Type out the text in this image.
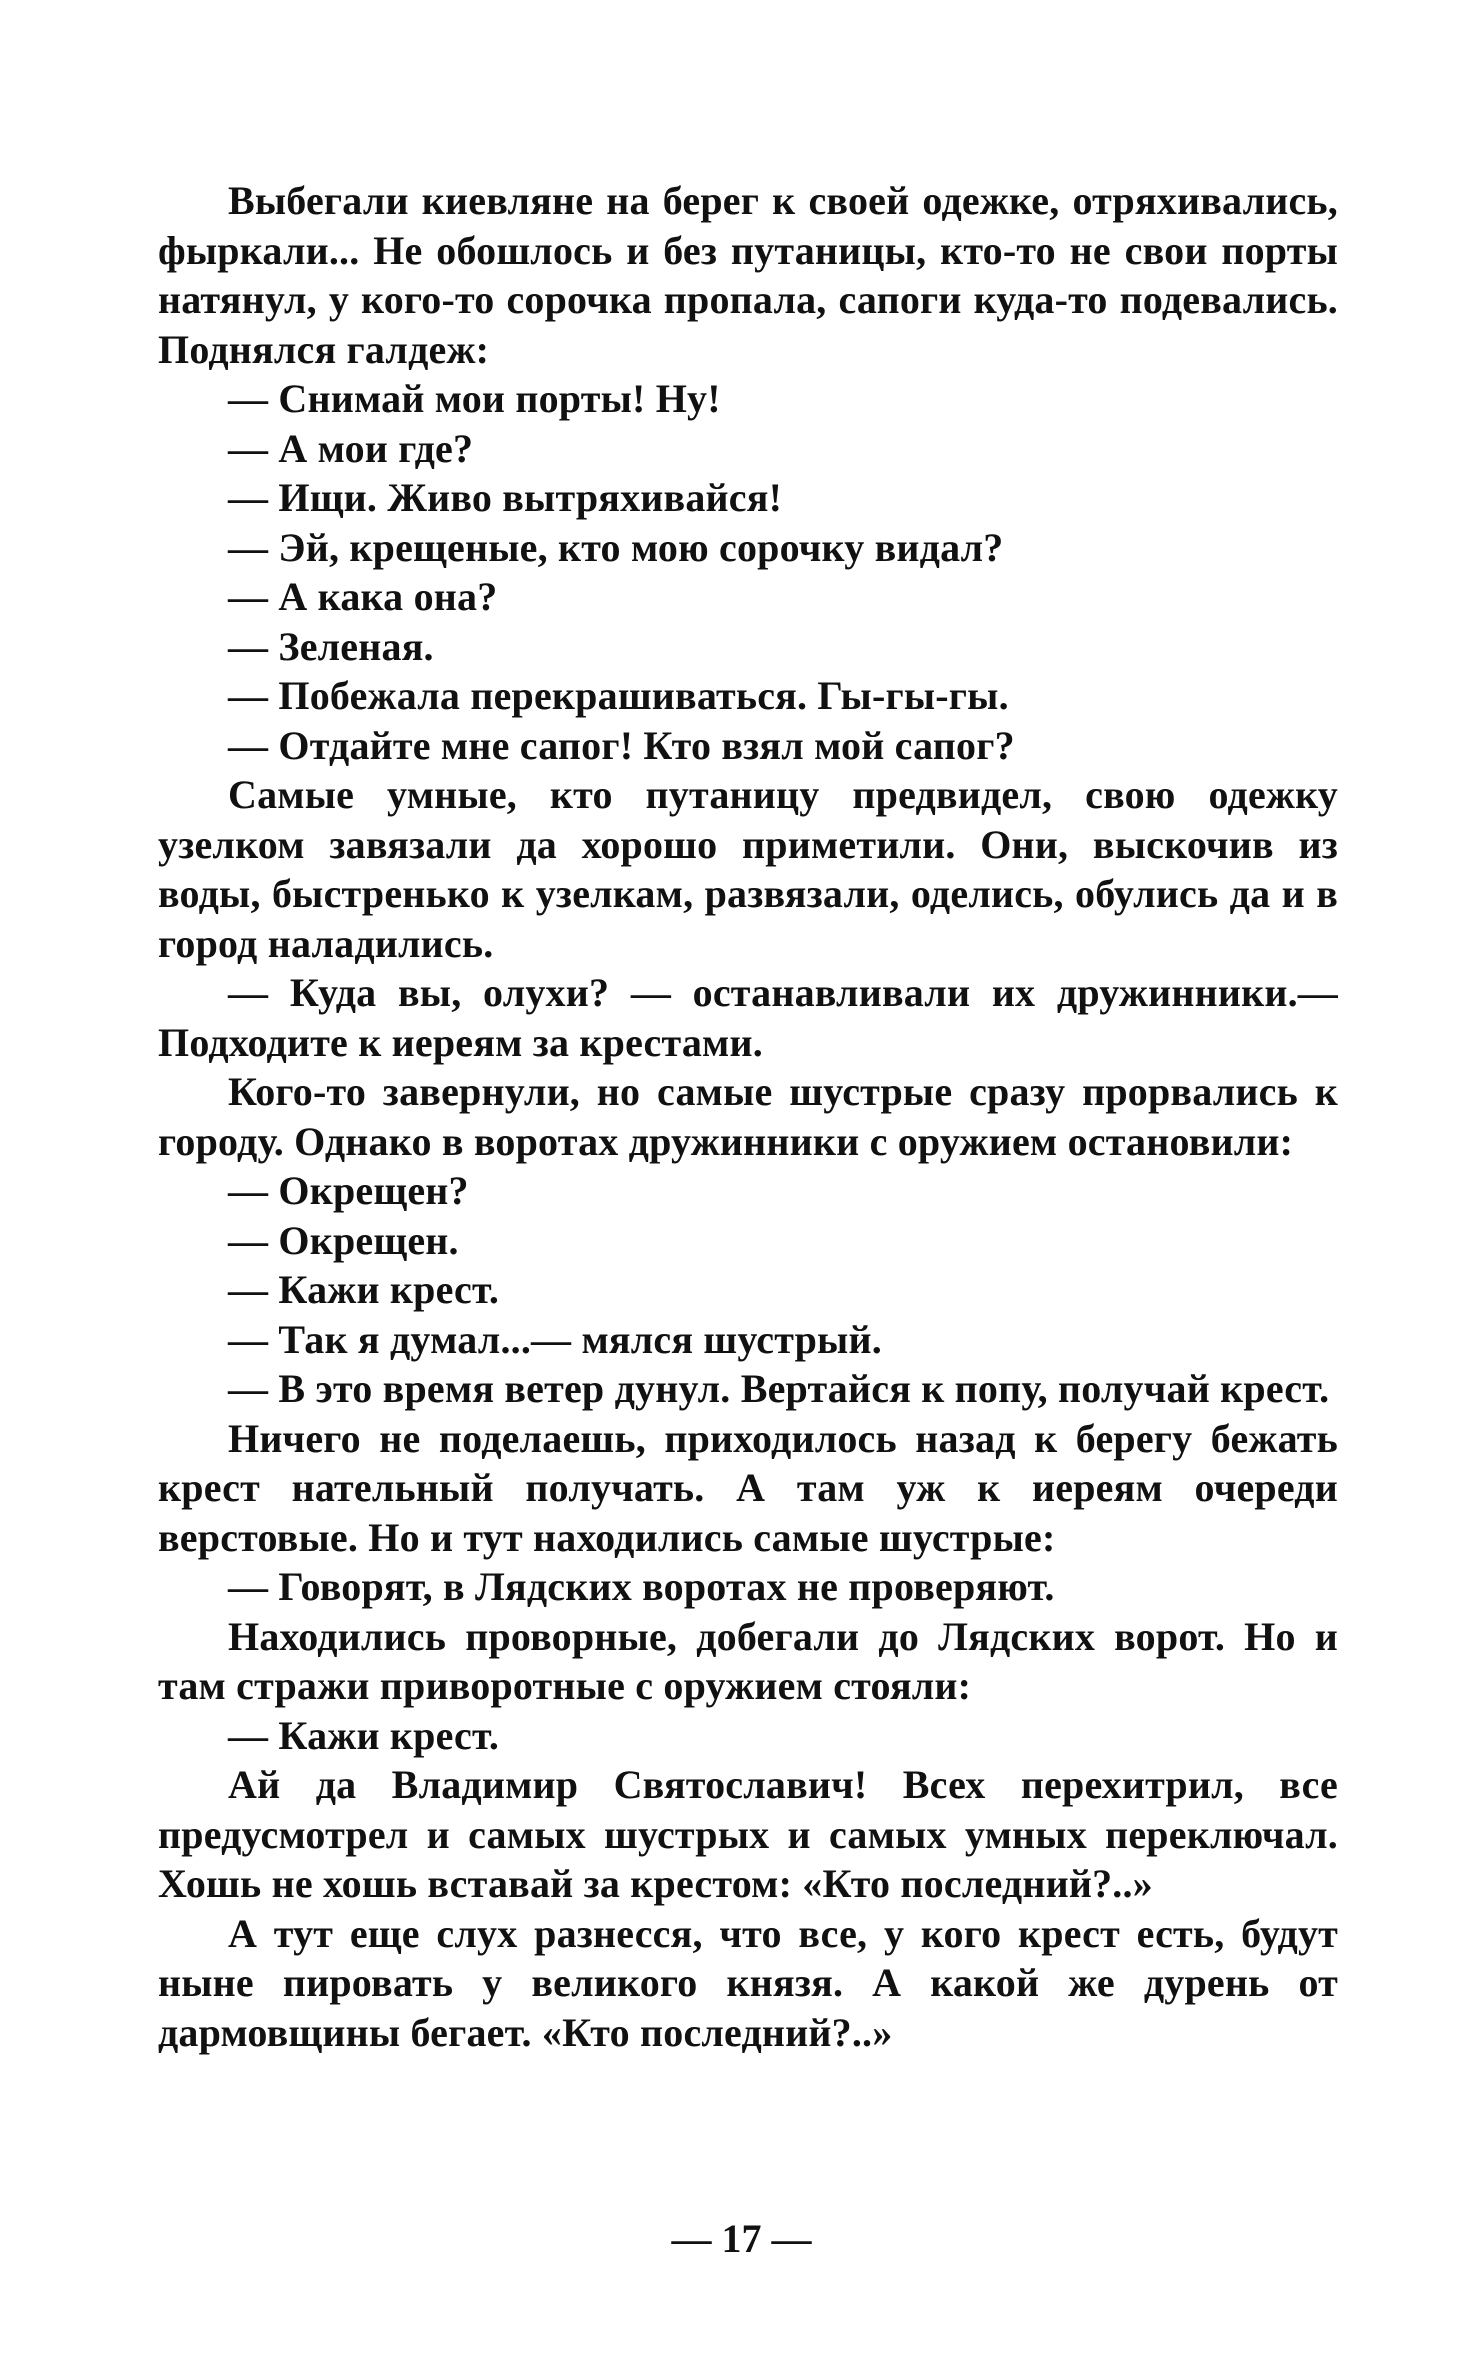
Выбегали киевляне на берег к своей одежке, отряхивались, фыркали... Не обошлось и без путаницы, кто-то не свои порты натянул, у кого-то сорочка пропала, сапоги куда-то подевались. Поднялся галдеж:

— Снимай мои порты! Ну!

— А мои где?

— Ищи. Живо вытряхивайся!

— Эй, крещеные, кто мою сорочку видал?

— А кака она?

— Зеленая.

— Побежала перекрашиваться. Гы-гы-гы.

— Отдайте мне сапог! Кто взял мой сапог?

Самые умные, кто путаницу предвидел, свою одежку узелком завязали да хорошо приметили. Они, выскочив из воды, быстренько к узелкам, развязали, оделись, обулись да и в город наладились.

— Куда вы, олухи? — останавливали их дружинники.— Подходите к иереям за крестами.

Кого-то завернули, но самые шустрые сразу прорвались к городу. Однако в воротах дружинники с оружием остановили:

— Окрещен?

— Окрещен.

— Кажи крест.

— Так я думал...— мялся шустрый.

— В это время ветер дунул. Вертайся к попу, получай крест.

Ничего не поделаешь, приходилось назад к берегу бежать крест нательный получать. А там уж к иереям очереди верстовые. Но и тут находились самые шустрые:

— Говорят, в Лядских воротах не проверяют.

Находились проворные, добегали до Лядских ворот. Но и там стражи приворотные с оружием стояли:

— Кажи крест.

Ай да Владимир Святославич! Всех перехитрил, все предусмотрел и самых шустрых и самых умных переключал. Хошь не хошь вставай за крестом: «Кто последний?..»

А тут еще слух разнесся, что все, у кого крест есть, будут ныне пировать у великого князя. А какой же дурень от дармовщины бегает. «Кто последний?..»

— 17 —
